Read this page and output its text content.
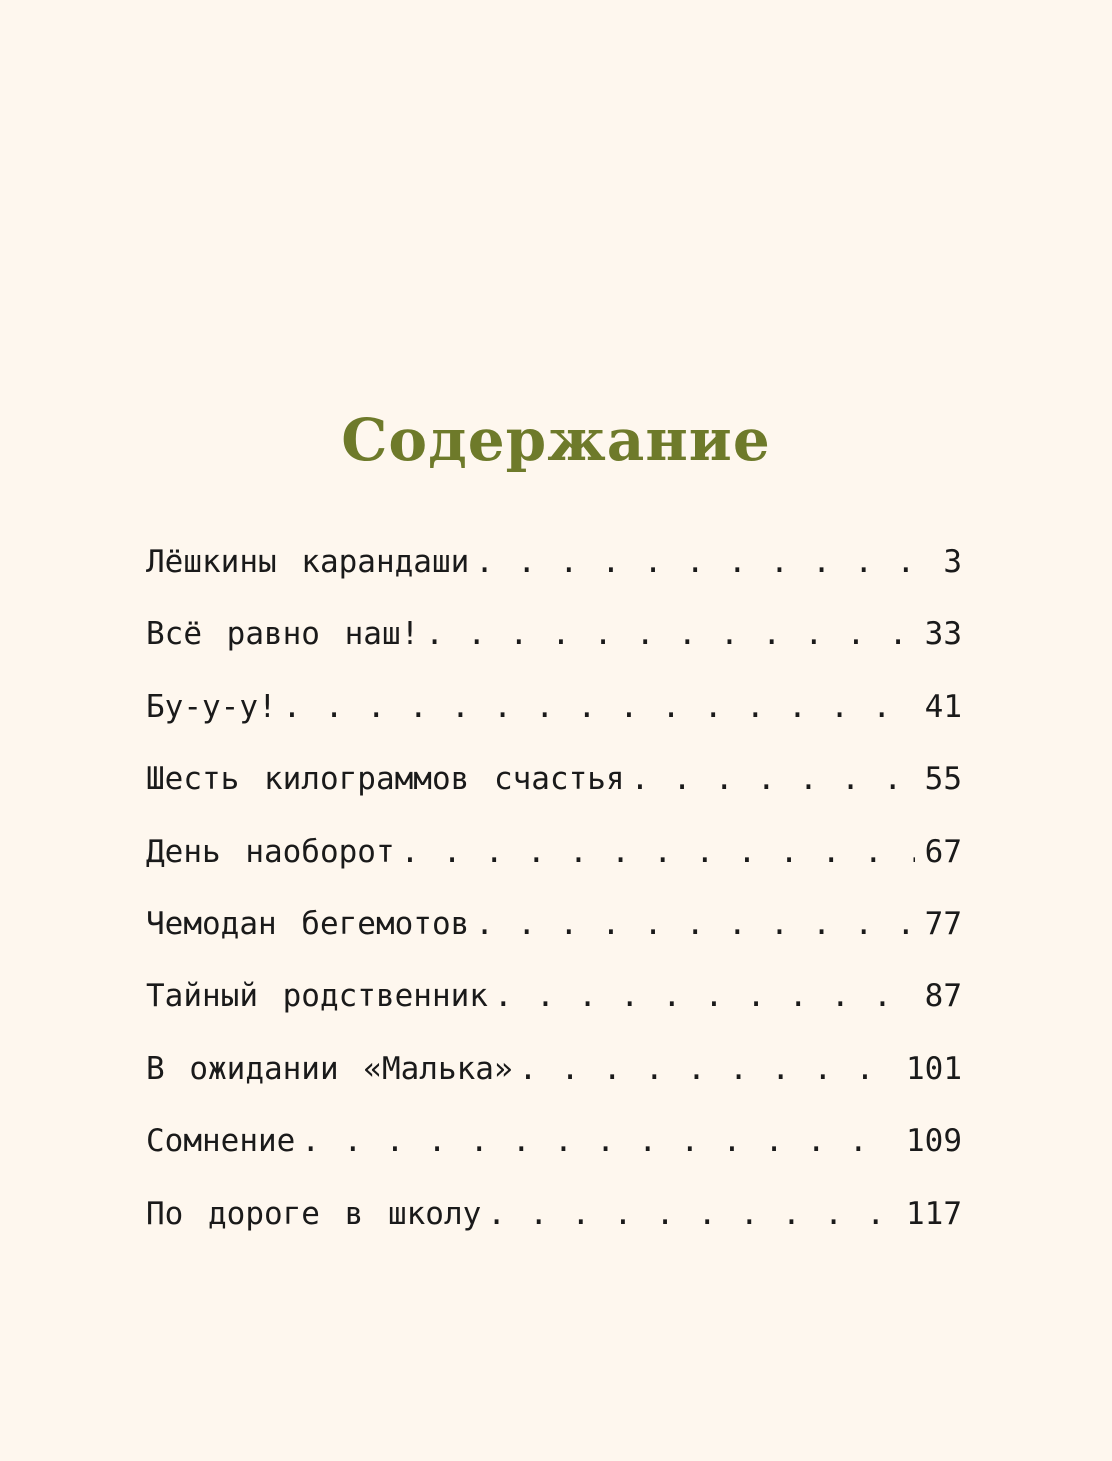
Содержание
Лёшкины карандаши . . .	3
Всё равно наш! . . .	33
Бу-у-у! . . .	41
Шесть килограммов счастья . . .	55
День наоборот . . .	67
Чемодан бегемотов . . .	77
Тайный родственник . . .	87
В ожидании «Малька» . . .	101
Сомнение . . .	109
По дороге в школу . . .	117
